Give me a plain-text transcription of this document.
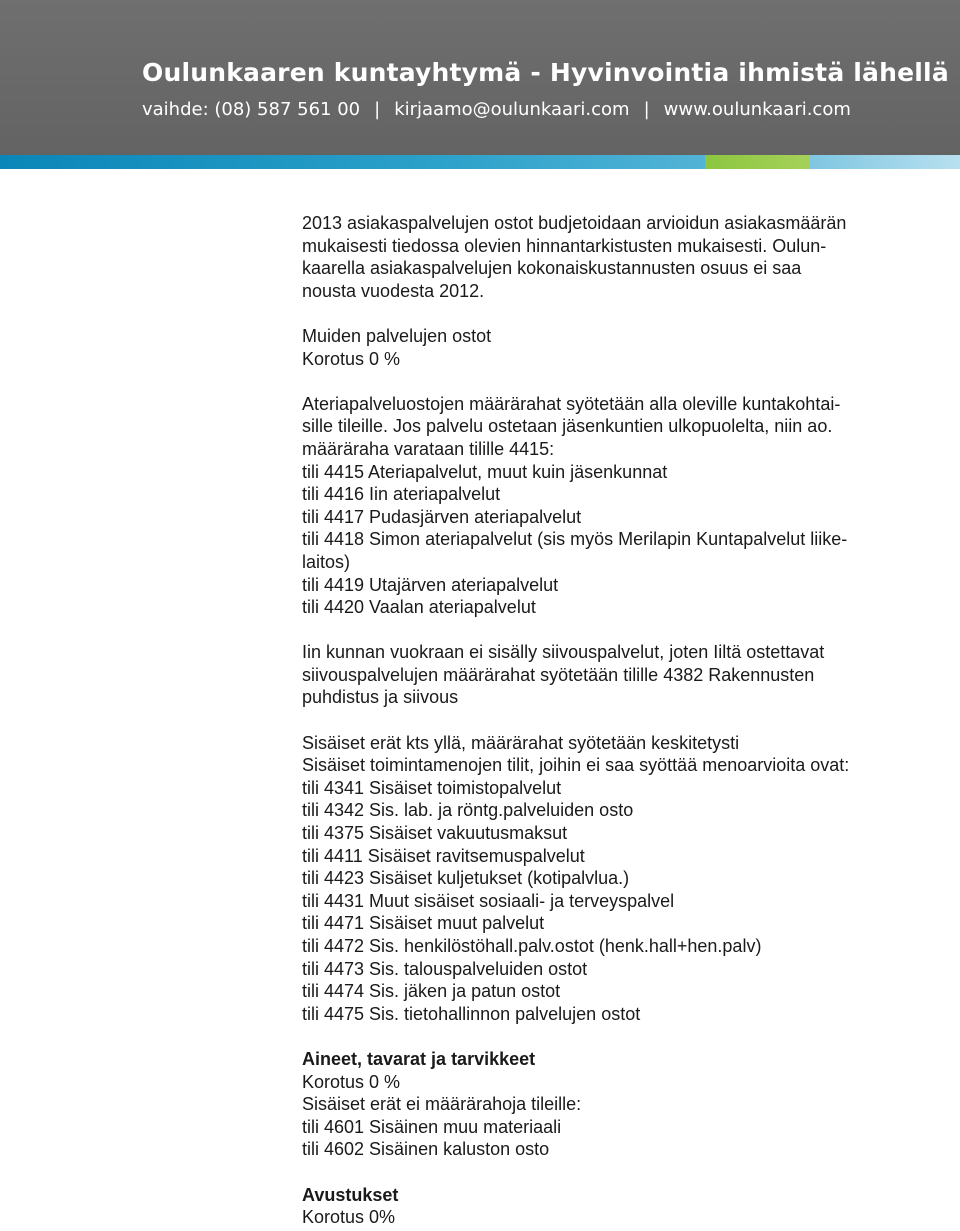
Oulunkaaren kuntayhtymä - Hyvinvointia ihmistä lähellä
vaihde: (08) 587 561 00 | kirjaamo@oulunkaari.com | www.oulunkaari.com
2013 asiakaspalvelujen ostot budjetoidaan arvioidun asiakasmäärän
mukaisesti tiedossa olevien hinnantarkistusten mukaisesti. Oulun-
kaarella asiakaspalvelujen kokonaiskustannusten osuus ei saa
nousta vuodesta 2012.
Muiden palvelujen ostot
Korotus 0 %
Ateriapalveluostojen määrärahat syötetään alla oleville kuntakohtai-
sille tileille. Jos palvelu ostetaan jäsenkuntien ulkopuolelta, niin ao.
määräraha varataan tilille 4415:
tili 4415 Ateriapalvelut, muut kuin jäsenkunnat
tili 4416 Iin ateriapalvelut
tili 4417 Pudasjärven ateriapalvelut
tili 4418 Simon ateriapalvelut (sis myös Merilapin Kuntapalvelut liike-
laitos)
tili 4419 Utajärven ateriapalvelut
tili 4420 Vaalan ateriapalvelut
Iin kunnan vuokraan ei sisälly siivouspalvelut, joten Iiltä ostettavat
siivouspalvelujen määrärahat syötetään tilille 4382 Rakennusten
puhdistus ja siivous
Sisäiset erät kts yllä, määrärahat syötetään keskitetysti
Sisäiset toimintamenojen tilit, joihin ei saa syöttää menoarvioita ovat:
tili 4341 Sisäiset toimistopalvelut
tili 4342 Sis. lab. ja röntg.palveluiden osto
tili 4375 Sisäiset vakuutusmaksut
tili 4411 Sisäiset ravitsemuspalvelut
tili 4423 Sisäiset kuljetukset (kotipalvlua.)
tili 4431 Muut sisäiset sosiaali- ja terveyspalvel
tili 4471 Sisäiset muut palvelut
tili 4472 Sis. henkilöstöhall.palv.ostot (henk.hall+hen.palv)
tili 4473 Sis. talouspalveluiden ostot
tili 4474 Sis. jäken ja patun ostot
tili 4475 Sis. tietohallinnon palvelujen ostot
Aineet, tavarat ja tarvikkeet
Korotus 0 %
Sisäiset erät ei määrärahoja tileille:
tili 4601 Sisäinen muu materiaali
tili 4602 Sisäinen kaluston osto
Avustukset
Korotus 0%
